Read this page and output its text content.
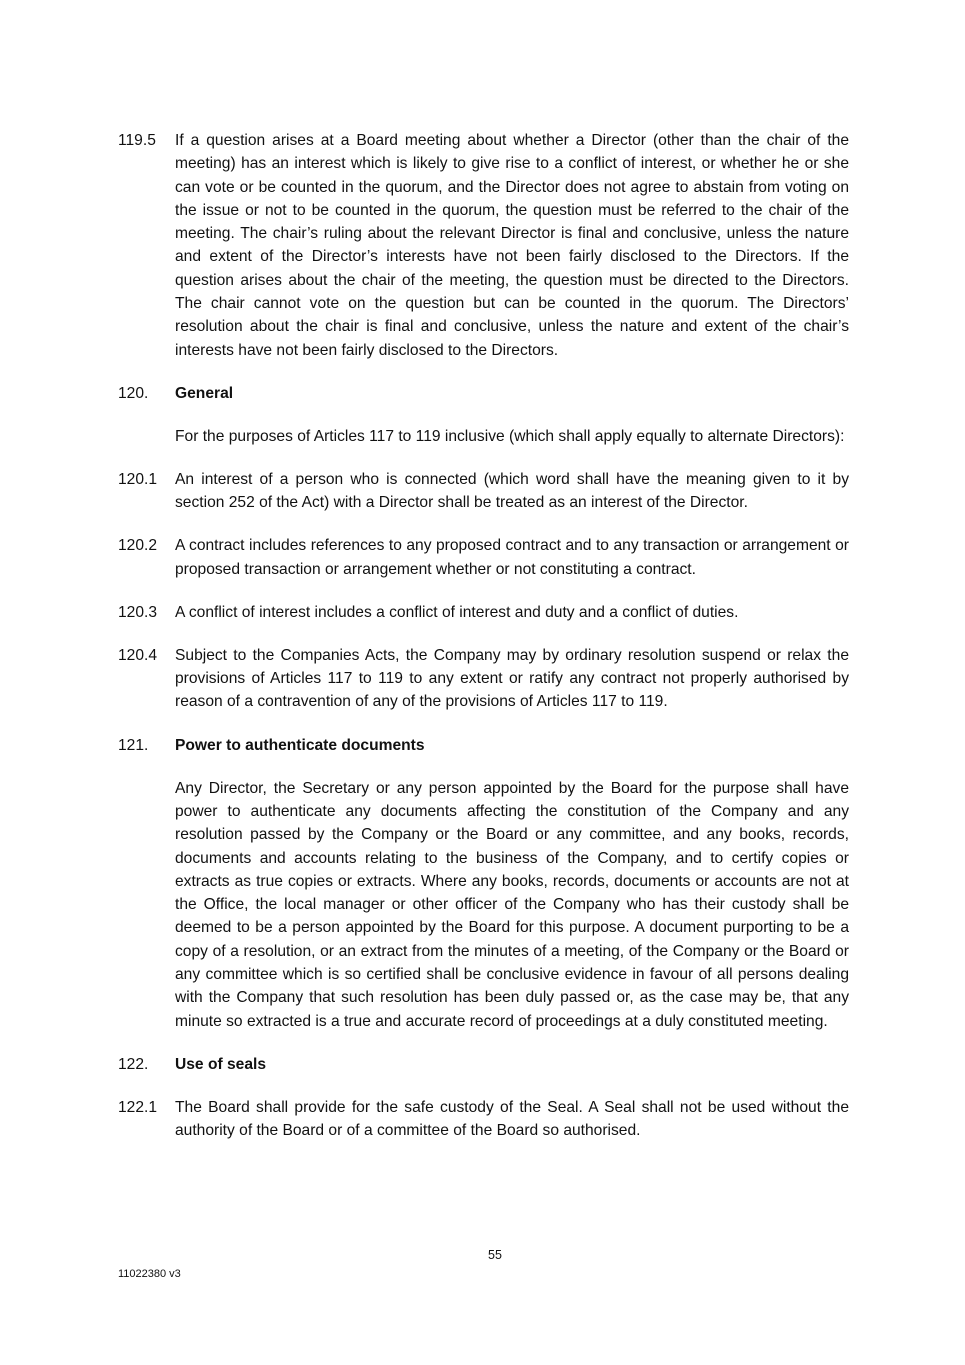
119.5	If a question arises at a Board meeting about whether a Director (other than the chair of the meeting) has an interest which is likely to give rise to a conflict of interest, or whether he or she can vote or be counted in the quorum, and the Director does not agree to abstain from voting on the issue or not to be counted in the quorum, the question must be referred to the chair of the meeting. The chair’s ruling about the relevant Director is final and conclusive, unless the nature and extent of the Director’s interests have not been fairly disclosed to the Directors. If the question arises about the chair of the meeting, the question must be directed to the Directors. The chair cannot vote on the question but can be counted in the quorum. The Directors’ resolution about the chair is final and conclusive, unless the nature and extent of the chair’s interests have not been fairly disclosed to the Directors.
120.	General
For the purposes of Articles 117 to 119 inclusive (which shall apply equally to alternate Directors):
120.1	An interest of a person who is connected (which word shall have the meaning given to it by section 252 of the Act) with a Director shall be treated as an interest of the Director.
120.2	A contract includes references to any proposed contract and to any transaction or arrangement or proposed transaction or arrangement whether or not constituting a contract.
120.3	A conflict of interest includes a conflict of interest and duty and a conflict of duties.
120.4	Subject to the Companies Acts, the Company may by ordinary resolution suspend or relax the provisions of Articles 117 to 119 to any extent or ratify any contract not properly authorised by reason of a contravention of any of the provisions of Articles 117 to 119.
121.	Power to authenticate documents
Any Director, the Secretary or any person appointed by the Board for the purpose shall have power to authenticate any documents affecting the constitution of the Company and any resolution passed by the Company or the Board or any committee, and any books, records, documents and accounts relating to the business of the Company, and to certify copies or extracts as true copies or extracts. Where any books, records, documents or accounts are not at the Office, the local manager or other officer of the Company who has their custody shall be deemed to be a person appointed by the Board for this purpose. A document purporting to be a copy of a resolution, or an extract from the minutes of a meeting, of the Company or the Board or any committee which is so certified shall be conclusive evidence in favour of all persons dealing with the Company that such resolution has been duly passed or, as the case may be, that any minute so extracted is a true and accurate record of proceedings at a duly constituted meeting.
122.	Use of seals
122.1	The Board shall provide for the safe custody of the Seal. A Seal shall not be used without the authority of the Board or of a committee of the Board so authorised.
55
11022380 v3
